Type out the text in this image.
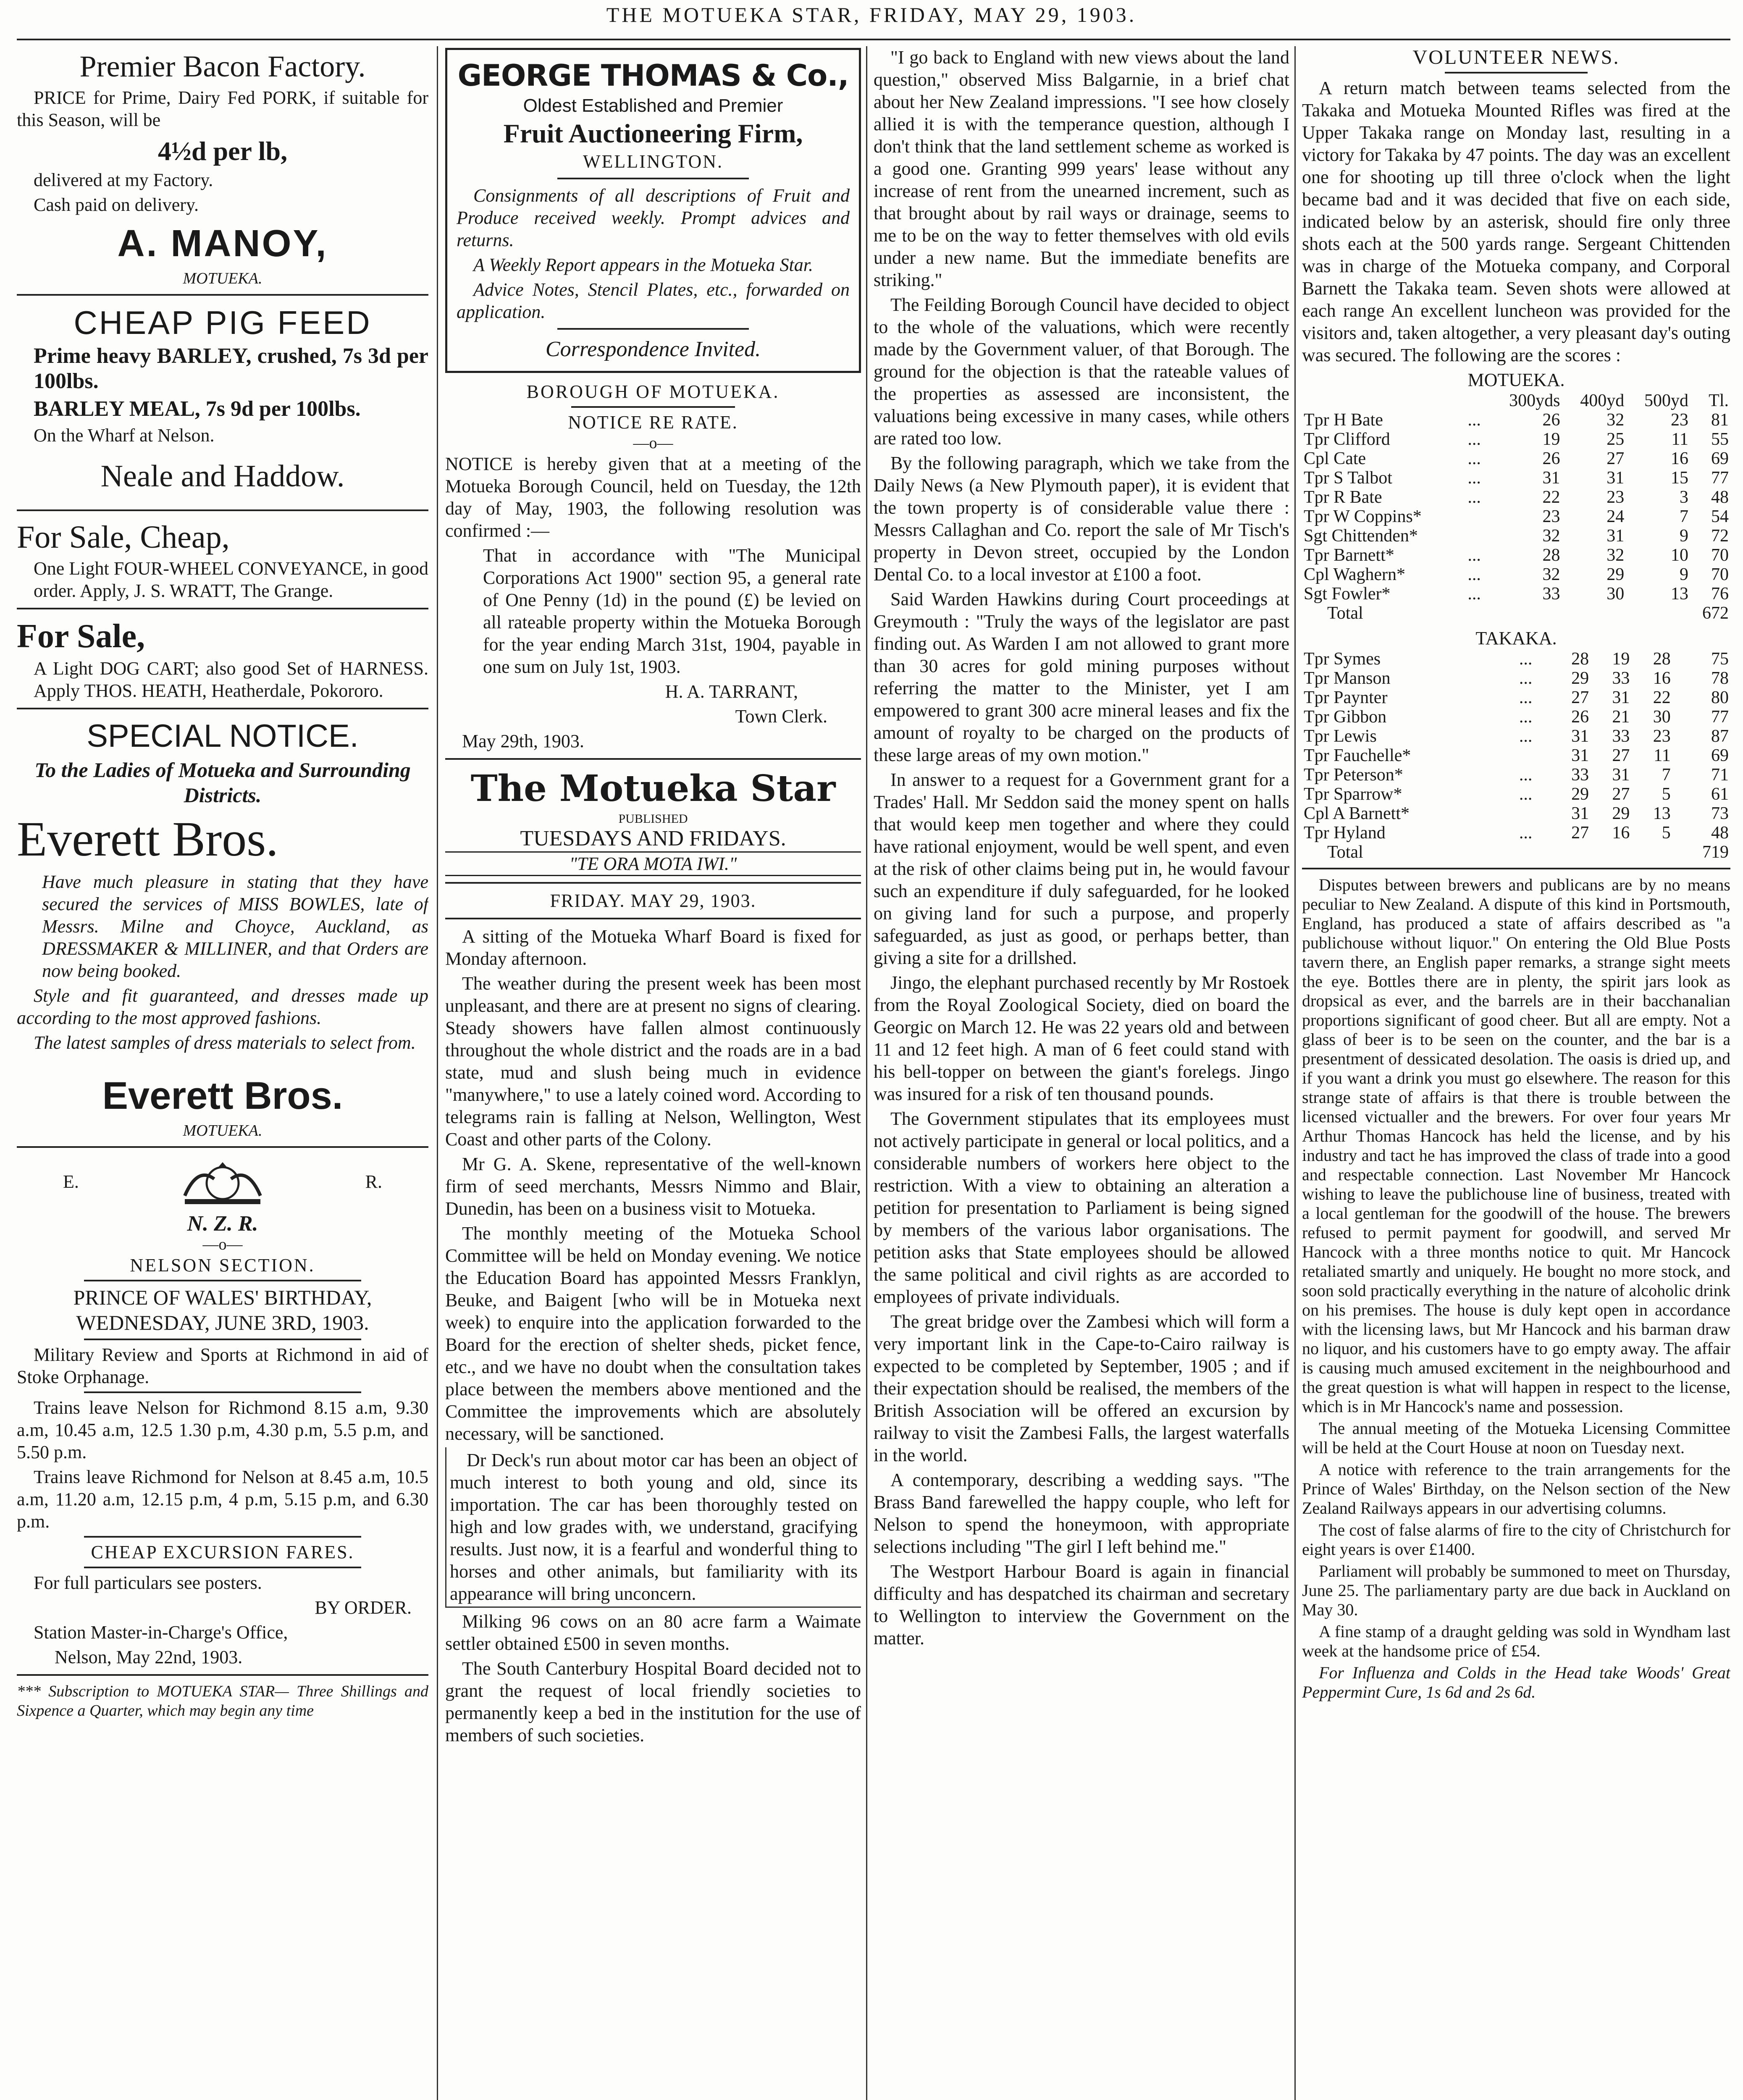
THE MOTUEKA STAR, FRIDAY, MAY 29, 1903.
Premier Bacon Factory.

PRICE for Prime, Dairy Fed PORK, if suitable for this Season, will be

4½d per lb,

delivered at my Factory.

Cash paid on delivery.

A. MANOY,
MOTUEKA.
CHEAP PIG FEED

Prime heavy BARLEY, crushed, 7s 3d per 100lbs.

BARLEY MEAL, 7s 9d per 100lbs.

On the Wharf at Nelson.

Neale and Haddow.
For Sale, Cheap,

One Light FOUR-WHEEL CONVEYANCE, in good order. Apply, J. S. WRATT, The Grange.

For Sale,

A Light DOG CART; also good Set of HARNESS. Apply THOS. HEATH, Heatherdale, Pokororo.

SPECIAL NOTICE.
To the Ladies of Motueka and Surrounding Districts.
Everett Bros.

Have much pleasure in stating that they have secured the services of MISS BOWLES, late of Messrs. Milne and Choyce, Auckland, as DRESSMAKER & MILLINER, and that Orders are now being booked.

Style and fit guaranteed, and dresses made up according to the most approved fashions.

The latest samples of dress materials to select from.

Everett Bros.
MOTUEKA.
E.	R.
N. Z. R.
—o—
NELSON SECTION.
PRINCE OF WALES' BIRTHDAY, WEDNESDAY, JUNE 3RD, 1903.

Military Review and Sports at Richmond in aid of Stoke Orphanage.

Trains leave Nelson for Richmond 8.15 a.m, 9.30 a.m, 10.45 a.m, 12.5 1.30 p.m, 4.30 p.m, 5.5 p.m, and 5.50 p.m.

Trains leave Richmond for Nelson at 8.45 a.m, 10.5 a.m, 11.20 a.m, 12.15 p.m, 4 p.m, 5.15 p.m, and 6.30 p.m.

CHEAP EXCURSION FARES.

For full particulars see posters.

BY ORDER.

Station Master-in-Charge's Office,

Nelson, May 22nd, 1903.

*** Subscription to MOTUEKA STAR— Three Shillings and Sixpence a Quarter, which may begin any time

GEORGE THOMAS & Co.,
Oldest Established and Premier
Fruit Auctioneering Firm,
WELLINGTON.

Consignments of all descriptions of Fruit and Produce received weekly. Prompt advices and returns.

A Weekly Report appears in the Motueka Star.

Advice Notes, Stencil Plates, etc., forwarded on application.

Correspondence Invited.
BOROUGH OF MOTUEKA.
NOTICE RE RATE.
—o—

NOTICE is hereby given that at a meeting of the Motueka Borough Council, held on Tuesday, the 12th day of May, 1903, the following resolution was confirmed :—

That in accordance with "The Municipal Corporations Act 1900" section 95, a general rate of One Penny (1d) in the pound (£) be levied on all rateable property within the Motueka Borough for the year ending March 31st, 1904, payable in one sum on July 1st, 1903.

H. A. TARRANT,

Town Clerk.

May 29th, 1903.

The Motueka Star
PUBLISHED
TUESDAYS AND FRIDAYS.
"TE ORA MOTA IWI."
FRIDAY. MAY 29, 1903.

A sitting of the Motueka Wharf Board is fixed for Monday afternoon.

The weather during the present week has been most unpleasant, and there are at present no signs of clearing. Steady showers have fallen almost continuously throughout the whole district and the roads are in a bad state, mud and slush being much in evidence "manywhere," to use a lately coined word. According to telegrams rain is falling at Nelson, Wellington, West Coast and other parts of the Colony.

Mr G. A. Skene, representative of the well-known firm of seed merchants, Messrs Nimmo and Blair, Dunedin, has been on a business visit to Motueka.

The monthly meeting of the Motueka School Committee will be held on Monday evening. We notice the Education Board has appointed Messrs Franklyn, Beuke, and Baigent [who will be in Motueka next week) to enquire into the application forwarded to the Board for the erection of shelter sheds, picket fence, etc., and we have no doubt when the consultation takes place between the members above mentioned and the Committee the improvements which are absolutely necessary, will be sanctioned.

Dr Deck's run about motor car has been an object of much interest to both young and old, since its importation. The car has been thoroughly tested on high and low grades with, we understand, gracifying results. Just now, it is a fearful and wonderful thing to horses and other animals, but familiarity with its appearance will bring unconcern.

Milking 96 cows on an 80 acre farm a Waimate settler obtained £500 in seven months.

The South Canterbury Hospital Board decided not to grant the request of local friendly societies to permanently keep a bed in the institution for the use of members of such societies.

"I go back to England with new views about the land question," observed Miss Balgarnie, in a brief chat about her New Zealand impressions. "I see how closely allied it is with the temperance question, although I don't think that the land settlement scheme as worked is a good one. Granting 999 years' lease without any increase of rent from the unearned increment, such as that brought about by rail ways or drainage, seems to me to be on the way to fetter themselves with old evils under a new name. But the immediate benefits are striking."

The Feilding Borough Council have decided to object to the whole of the valuations, which were recently made by the Government valuer, of that Borough. The ground for the objection is that the rateable values of the properties as assessed are inconsistent, the valuations being excessive in many cases, while others are rated too low.

By the following paragraph, which we take from the Daily News (a New Plymouth paper), it is evident that the town property is of considerable value there : Messrs Callaghan and Co. report the sale of Mr Tisch's property in Devon street, occupied by the London Dental Co. to a local investor at £100 a foot.

Said Warden Hawkins during Court proceedings at Greymouth : "Truly the ways of the legislator are past finding out. As Warden I am not allowed to grant more than 30 acres for gold mining purposes without referring the matter to the Minister, yet I am empowered to grant 300 acre mineral leases and fix the amount of royalty to be charged on the products of these large areas of my own motion."

In answer to a request for a Government grant for a Trades' Hall. Mr Seddon said the money spent on halls that would keep men together and where they could have rational enjoyment, would be well spent, and even at the risk of other claims being put in, he would favour such an expenditure if duly safeguarded, for he looked on giving land for such a purpose, and properly safeguarded, as just as good, or perhaps better, than giving a site for a drillshed.

Jingo, the elephant purchased recently by Mr Rostoek from the Royal Zoological Society, died on board the Georgic on March 12. He was 22 years old and between 11 and 12 feet high. A man of 6 feet could stand with his bell-topper on between the giant's forelegs. Jingo was insured for a risk of ten thousand pounds.

The Government stipulates that its employees must not actively participate in general or local politics, and a considerable numbers of workers here object to the restriction. With a view to obtaining an alteration a petition for presentation to Parliament is being signed by members of the various labor organisations. The petition asks that State employees should be allowed the same political and civil rights as are accorded to employees of private individuals.

The great bridge over the Zambesi which will form a very important link in the Cape-to-Cairo railway is expected to be completed by September, 1905 ; and if their expectation should be realised, the members of the British Association will be offered an excursion by railway to visit the Zambesi Falls, the largest waterfalls in the world.

A contemporary, describing a wedding says. "The Brass Band farewelled the happy couple, who left for Nelson to spend the honeymoon, with appropriate selections including "The girl I left behind me."

The Westport Harbour Board is again in financial difficulty and has despatched its chairman and secretary to Wellington to interview the Government on the matter.

VOLUNTEER NEWS.

A return match between teams selected from the Takaka and Motueka Mounted Rifles was fired at the Upper Takaka range on Monday last, resulting in a victory for Takaka by 47 points. The day was an excellent one for shooting up till three o'clock when the light became bad and it was decided that five on each side, indicated below by an asterisk, should fire only three shots each at the 500 yards range. Sergeant Chittenden was in charge of the Motueka company, and Corporal Barnett the Takaka team. Seven shots were allowed at each range An excellent luncheon was provided for the visitors and, taken altogether, a very pleasant day's outing was secured. The following are the scores :

MOTUEKA.
		300yds	400yd	500yd	Tl.
Tpr H Bate	...	26	32	23	81
Tpr Clifford	...	19	25	11	55
Cpl Cate	...	26	27	16	69
Tpr S Talbot	...	31	31	15	77
Tpr R Bate	...	22	23	3	48
Tpr W Coppins*		23	24	7	54
Sgt Chittenden*		32	31	9	72
Tpr Barnett*	...	28	32	10	70
Cpl Waghern*	...	32	29	9	70
Sgt Fowler*	...	33	30	13	76
Total					672
TAKAKA.
Tpr Symes	...	28	19	28	75
Tpr Manson	...	29	33	16	78
Tpr Paynter	...	27	31	22	80
Tpr Gibbon	...	26	21	30	77
Tpr Lewis	...	31	33	23	87
Tpr Fauchelle*		31	27	11	69
Tpr Peterson*	...	33	31	7	71
Tpr Sparrow*	...	29	27	5	61
Cpl A Barnett*		31	29	13	73
Tpr Hyland	...	27	16	5	48
Total					719

Disputes between brewers and publicans are by no means peculiar to New Zealand. A dispute of this kind in Portsmouth, England, has produced a state of affairs described as "a publichouse without liquor." On entering the Old Blue Posts tavern there, an English paper remarks, a strange sight meets the eye. Bottles there are in plenty, the spirit jars look as dropsical as ever, and the barrels are in their bacchanalian proportions significant of good cheer. But all are empty. Not a glass of beer is to be seen on the counter, and the bar is a presentment of dessicated desolation. The oasis is dried up, and if you want a drink you must go elsewhere. The reason for this strange state of affairs is that there is trouble between the licensed victualler and the brewers. For over four years Mr Arthur Thomas Hancock has held the license, and by his industry and tact he has improved the class of trade into a good and respectable connection. Last November Mr Hancock wishing to leave the publichouse line of business, treated with a local gentleman for the goodwill of the house. The brewers refused to permit payment for goodwill, and served Mr Hancock with a three months notice to quit. Mr Hancock retaliated smartly and uniquely. He bought no more stock, and soon sold practically everything in the nature of alcoholic drink on his premises. The house is duly kept open in accordance with the licensing laws, but Mr Hancock and his barman draw no liquor, and his customers have to go empty away. The affair is causing much amused excitement in the neighbourhood and the great question is what will happen in respect to the license, which is in Mr Hancock's name and possession.

The annual meeting of the Motueka Licensing Committee will be held at the Court House at noon on Tuesday next.

A notice with reference to the train arrangements for the Prince of Wales' Birthday, on the Nelson section of the New Zealand Railways appears in our advertising columns.

The cost of false alarms of fire to the city of Christchurch for eight years is over £1400.

Parliament will probably be summoned to meet on Thursday, June 25. The parliamentary party are due back in Auckland on May 30.

A fine stamp of a draught gelding was sold in Wyndham last week at the handsome price of £54.

For Influenza and Colds in the Head take Woods' Great Peppermint Cure, 1s 6d and 2s 6d.
